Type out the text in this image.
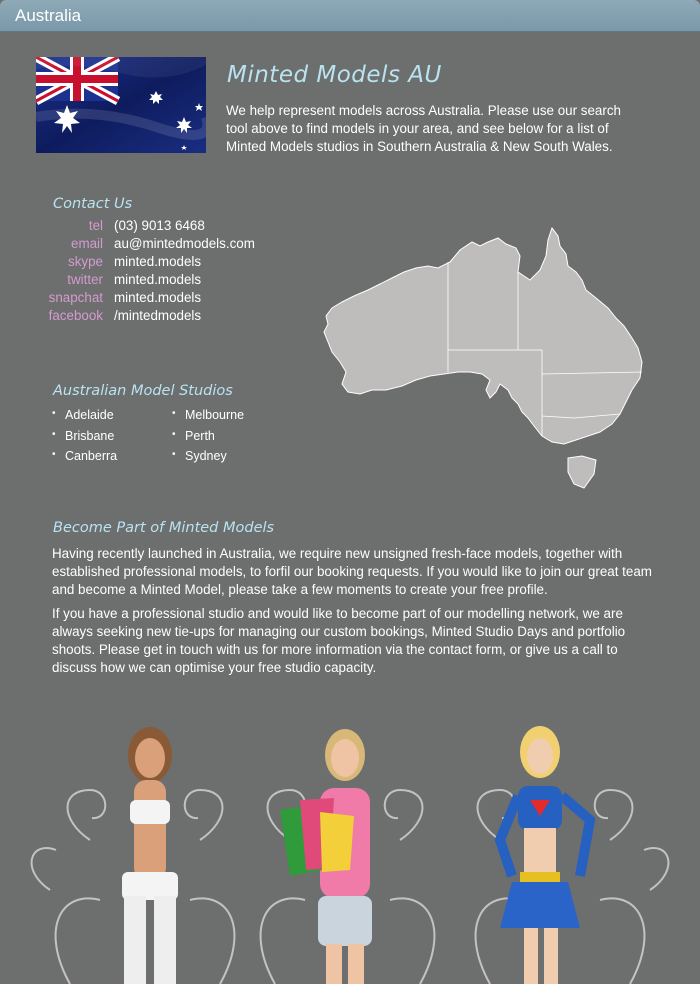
Australia
Minted Models AU
We help represent models across Australia. Please use our search tool above to find models in your area, and see below for a list of Minted Models studios in Southern Australia & New South Wales.
Contact Us
tel (03) 9013 6468
email au@mintedmodels.com
skype minted.models
twitter minted.models
snapchat minted.models
facebook /mintedmodels
Australian Model Studios
• Adelaide	• Melbourne
• Brisbane	• Perth
• Canberra	• Sydney
Become Part of Minted Models
Having recently launched in Australia, we require new unsigned fresh-face models, together with established professional models, to forfil our booking requests. If you would like to join our great team and become a Minted Model, please take a few moments to create your free profile.
If you have a professional studio and would like to become part of our modelling network, we are always seeking new tie-ups for managing our custom bookings, Minted Studio Days and portfolio shoots. Please get in touch with us for more information via the contact form, or give us a call to discuss how we can optimise your free studio capacity.
